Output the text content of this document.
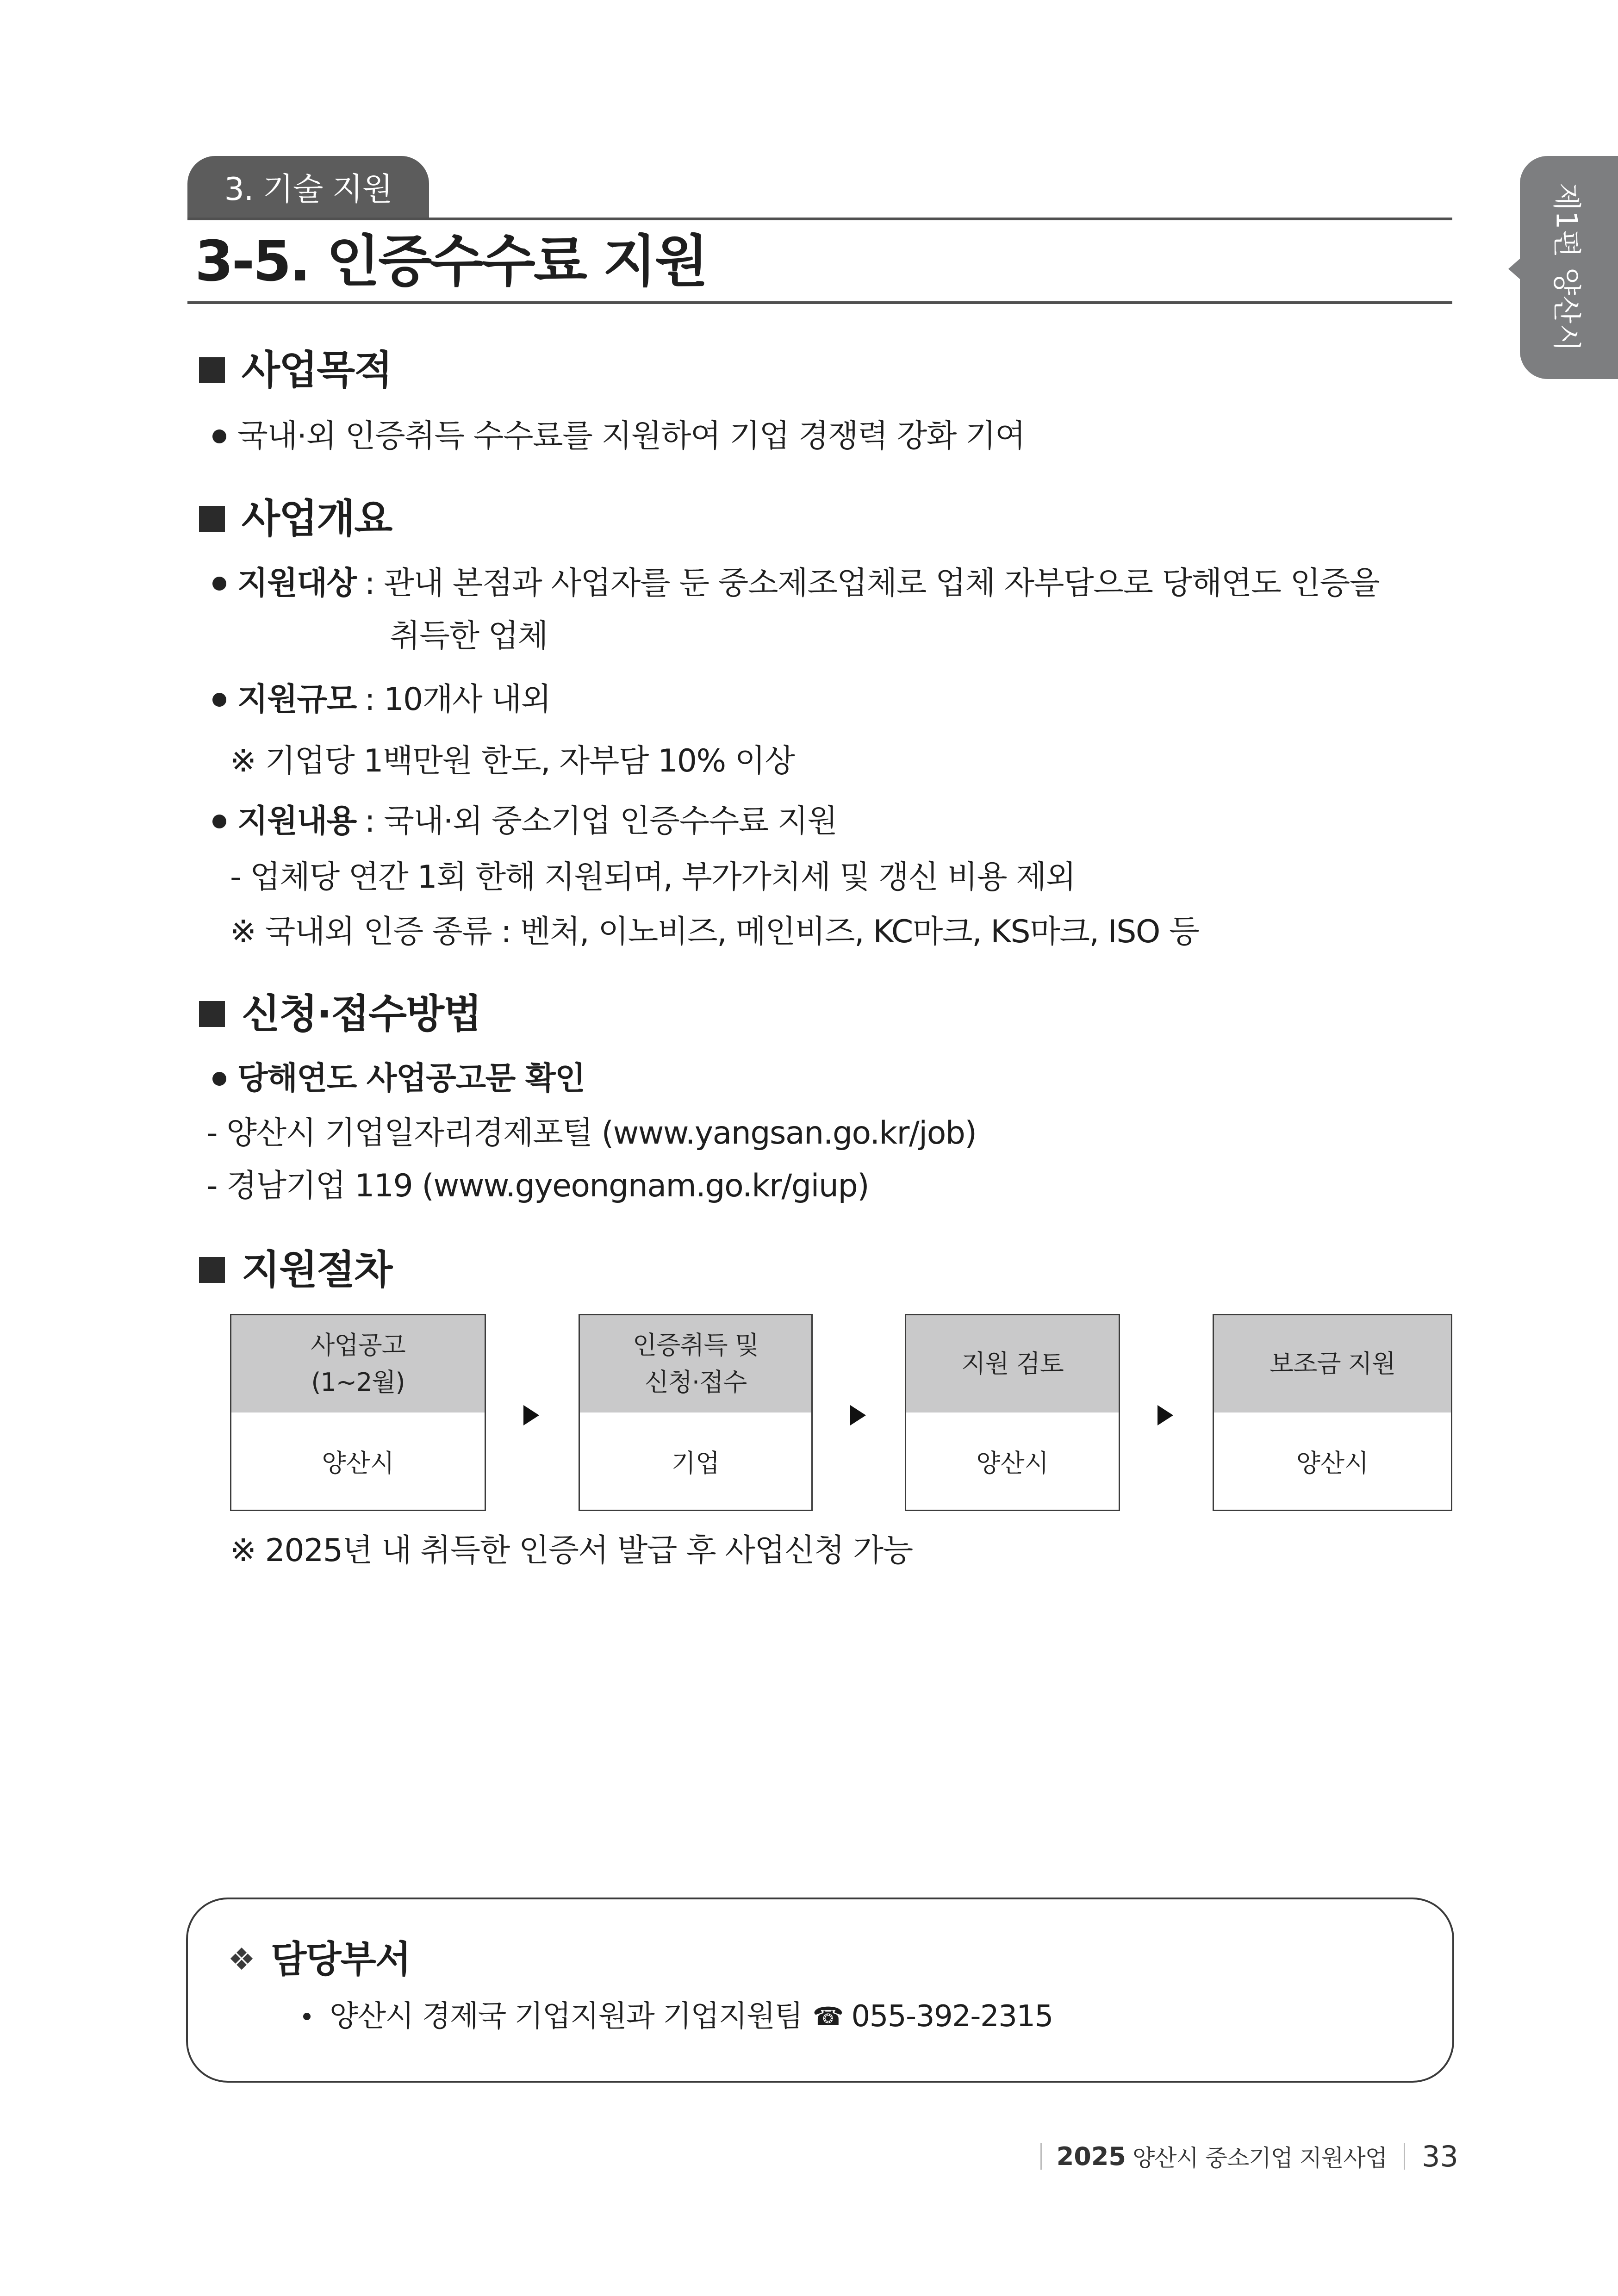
3. 기술 지원
3-5. 인증수수료 지원	제1편 양산시
사업목적
국내·외 인증취득 수수료를 지원하여 기업 경쟁력 강화 기여
사업개요
지원대상 : 관내 본점과 사업자를 둔 중소제조업체로 업체 자부담으로 당해연도 인증을
취득한 업체
지원규모 : 10개사 내외
※ 기업당 1백만원 한도, 자부담 10% 이상
지원내용 : 국내·외 중소기업 인증수수료 지원
- 업체당 연간 1회 한해 지원되며, 부가가치세 및 갱신 비용 제외
※ 국내외 인증 종류 : 벤처, 이노비즈, 메인비즈, KC마크, KS마크, ISO 등
신청·접수방법
당해연도 사업공고문 확인
- 양산시 기업일자리경제포털 (www.yangsan.go.kr/job)
- 경남기업 119 (www.gyeongnam.go.kr/giup)
지원절차
사업공고
(1~2월)
양산시
인증취득 및
신청·접수
기업
지원 검토
양산시
보조금 지원
양산시
※ 2025년 내 취득한 인증서 발급 후 사업신청 가능
❖
담당부서
양산시 경제국 기업지원과 기업지원팀
☎ 055-392-2315
2025 양산시 중소기업 지원사업 33
